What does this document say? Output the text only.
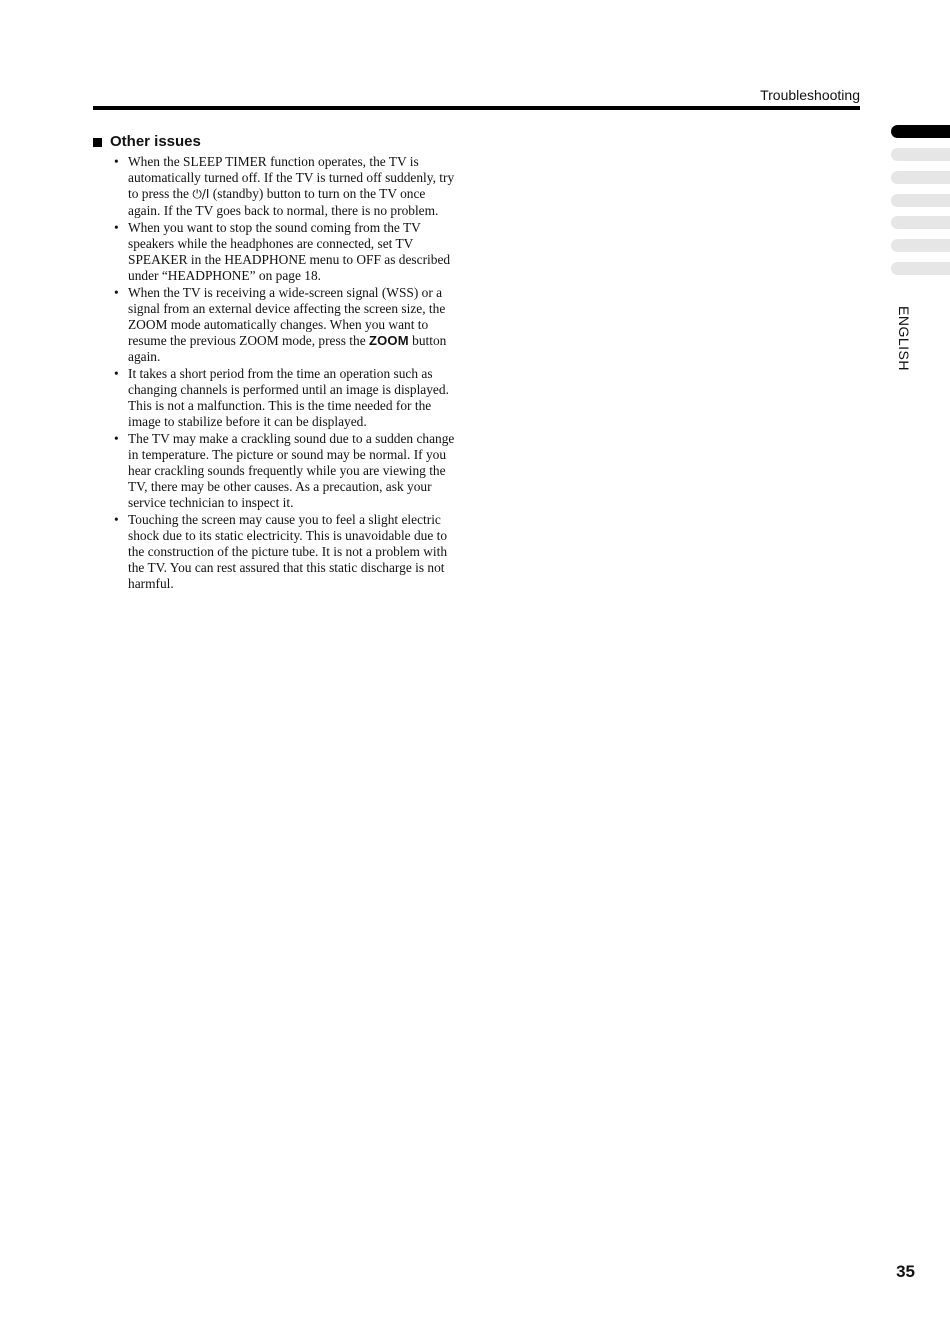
Troubleshooting
Other issues
• When the SLEEP TIMER function operates, the TV is automatically turned off. If the TV is turned off suddenly, try to press the ⏻/I (standby) button to turn on the TV once again. If the TV goes back to normal, there is no problem.
• When you want to stop the sound coming from the TV speakers while the headphones are connected, set TV SPEAKER in the HEADPHONE menu to OFF as described under “HEADPHONE” on page 18.
• When the TV is receiving a wide-screen signal (WSS) or a signal from an external device affecting the screen size, the ZOOM mode automatically changes. When you want to resume the previous ZOOM mode, press the ZOOM button again.
• It takes a short period from the time an operation such as changing channels is performed until an image is displayed. This is not a malfunction. This is the time needed for the image to stabilize before it can be displayed.
• The TV may make a crackling sound due to a sudden change in temperature. The picture or sound may be normal. If you hear crackling sounds frequently while you are viewing the TV, there may be other causes. As a precaution, ask your service technician to inspect it.
• Touching the screen may cause you to feel a slight electric shock due to its static electricity. This is unavoidable due to the construction of the picture tube. It is not a problem with the TV. You can rest assured that this static discharge is not harmful.
ENGLISH
35
